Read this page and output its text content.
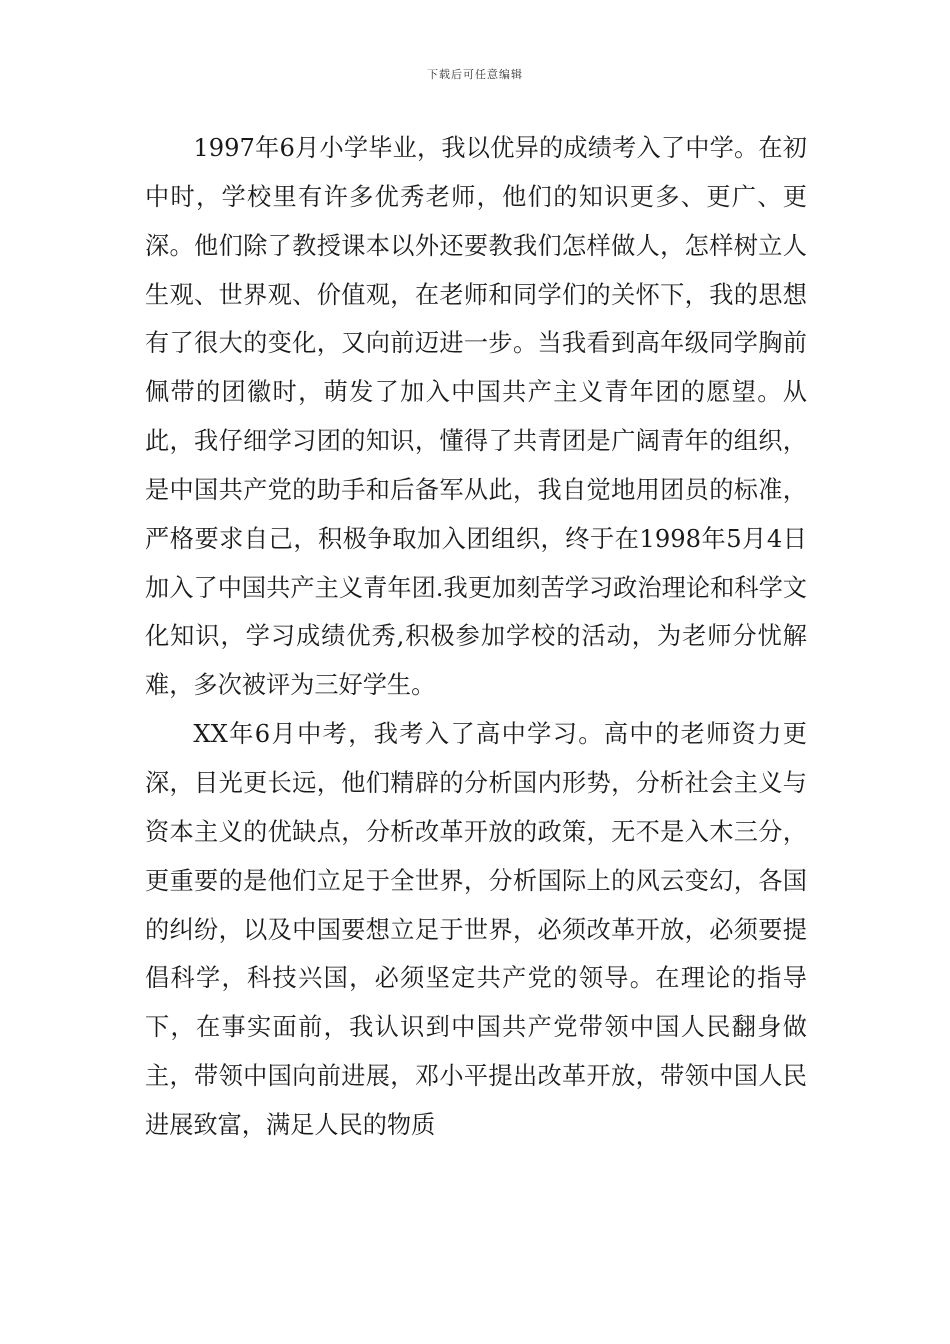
下载后可任意编辑

1997年6月小学毕业，我以优异的成绩考入了中学。在初中时，学校里有许多优秀老师，他们的知识更多、更广、更深。他们除了教授课本以外还要教我们怎样做人，怎样树立人生观、世界观、价值观，在老师和同学们的关怀下，我的思想有了很大的变化，又向前迈进一步。当我看到高年级同学胸前佩带的团徽时，萌发了加入中国共产主义青年团的愿望。从此，我仔细学习团的知识，懂得了共青团是广阔青年的组织，是中国共产党的助手和后备军从此，我自觉地用团员的标准，严格要求自己，积极争取加入团组织，终于在1998年5月4日加入了中国共产主义青年团.我更加刻苦学习政治理论和科学文化知识，学习成绩优秀,积极参加学校的活动，为老师分忧解难，多次被评为三好学生。

XX年6月中考，我考入了高中学习。高中的老师资力更深，目光更长远，他们精辟的分析国内形势，分析社会主义与资本主义的优缺点，分析改革开放的政策，无不是入木三分，更重要的是他们立足于全世界，分析国际上的风云变幻，各国的纠纷，以及中国要想立足于世界，必须改革开放，必须要提倡科学，科技兴国，必须坚定共产党的领导。在理论的指导下，在事实面前，我认识到中国共产党带领中国人民翻身做主，带领中国向前进展，邓小平提出改革开放，带领中国人民进展致富，满足人民的物质
